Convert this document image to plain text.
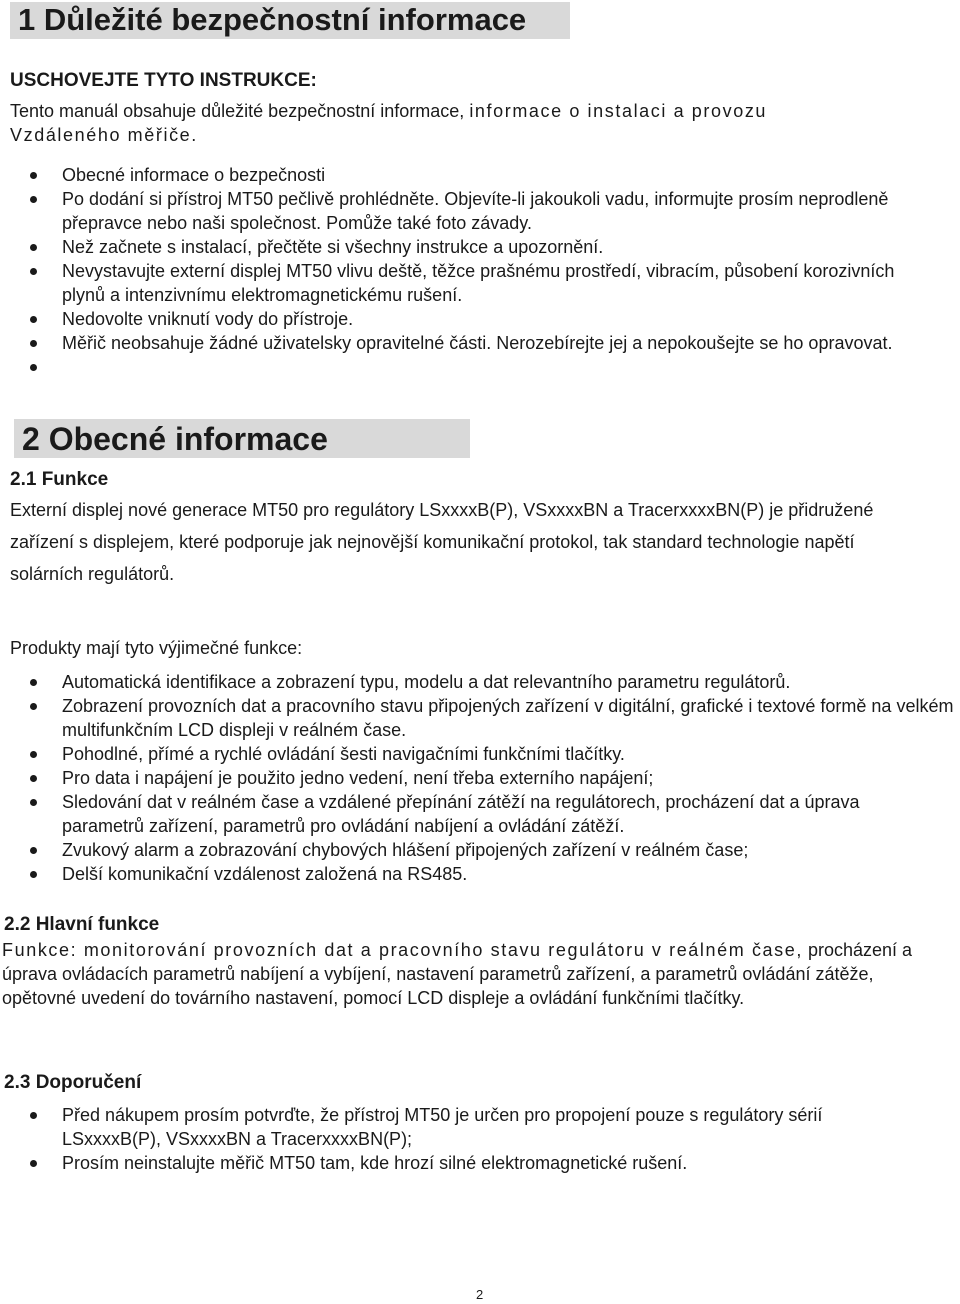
1 Důležité bezpečnostní informace
USCHOVEJTE TYTO INSTRUKCE:
Tento manuál obsahuje důležité bezpečnostní informace, informace o instalaci a provozu
Vzdáleného měřiče.
Obecné informace o bezpečnosti
Po dodání si přístroj MT50 pečlivě prohlédněte. Objevíte-li jakoukoli vadu, informujte prosím neprodleně přepravce nebo naši společnost. Pomůže také foto závady.
Než začnete s instalací, přečtěte si všechny instrukce a upozornění.
Nevystavujte externí displej MT50 vlivu deště, těžce prašnému prostředí, vibracím, působení korozivních plynů a intenzivnímu elektromagnetickému rušení.
Nedovolte vniknutí vody do přístroje.
Měřič neobsahuje žádné uživatelsky opravitelné části. Nerozebírejte jej a nepokoušejte se ho opravovat.
2 Obecné informace
2.1 Funkce
Externí displej nové generace MT50 pro regulátory LSxxxxB(P), VSxxxxBN a TracerxxxxBN(P) je přidružené zařízení s displejem, které podporuje jak nejnovější komunikační protokol, tak standard technologie napětí solárních regulátorů.
Produkty mají tyto výjimečné funkce:
Automatická identifikace a zobrazení typu, modelu a dat relevantního parametru regulátorů.
Zobrazení provozních dat a pracovního stavu připojených zařízení v digitální, grafické i textové formě na velkém multifunkčním LCD displeji v reálném čase.
Pohodlné, přímé a rychlé ovládání šesti navigačními funkčními tlačítky.
Pro data i napájení je použito jedno vedení, není třeba externího napájení;
Sledování dat v reálném čase a vzdálené přepínání zátěží na regulátorech, procházení dat a úprava parametrů zařízení, parametrů pro ovládání nabíjení a ovládání zátěží.
Zvukový alarm a zobrazování chybových hlášení připojených zařízení v reálném čase;
Delší komunikační vzdálenost založená na RS485.
2.2 Hlavní funkce
Funkce: monitorování provozních dat a pracovního stavu regulátoru v reálném čase, procházení a úprava ovládacích parametrů nabíjení a vybíjení, nastavení parametrů zařízení, a parametrů ovládání zátěže, opětovné uvedení do továrního nastavení, pomocí LCD displeje a ovládání funkčními tlačítky.
2.3 Doporučení
Před nákupem prosím potvrďte, že přístroj MT50 je určen pro propojení pouze s regulátory sérií LSxxxxB(P), VSxxxxBN a TracerxxxxBN(P);
Prosím neinstalujte měřič MT50 tam, kde hrozí silné elektromagnetické rušení.
2
